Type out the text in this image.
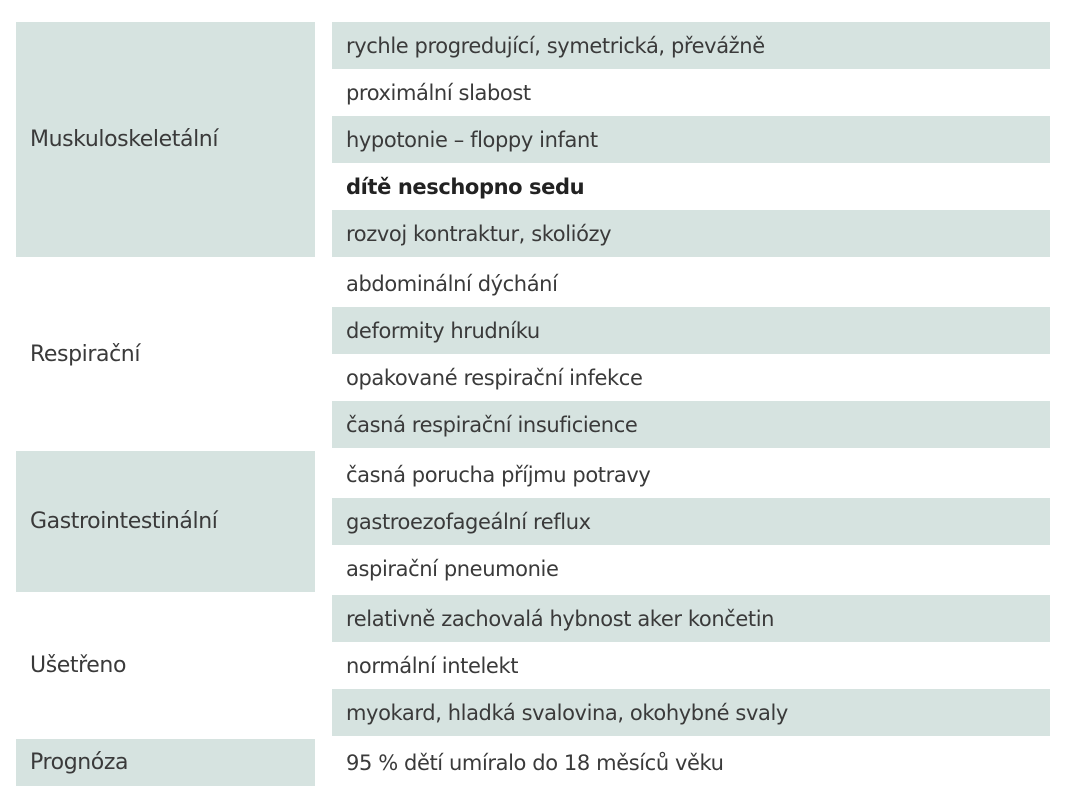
Muskuloskeletální
rychle progredující, symetrická, převážně
proximální slabost
hypotonie – floppy infant
dítě neschopno sedu
rozvoj kontraktur, skoliózy
Respirační
abdominální dýchání
deformity hrudníku
opakované respirační infekce
časná respirační insuficience
Gastrointestinální
časná porucha příjmu potravy
gastroezofageální reflux
aspirační pneumonie
Ušetřeno
relativně zachovalá hybnost aker končetin
normální intelekt
myokard, hladká svalovina, okohybné svaly
Prognóza	95 % dětí umíralo do 18 měsíců věku
